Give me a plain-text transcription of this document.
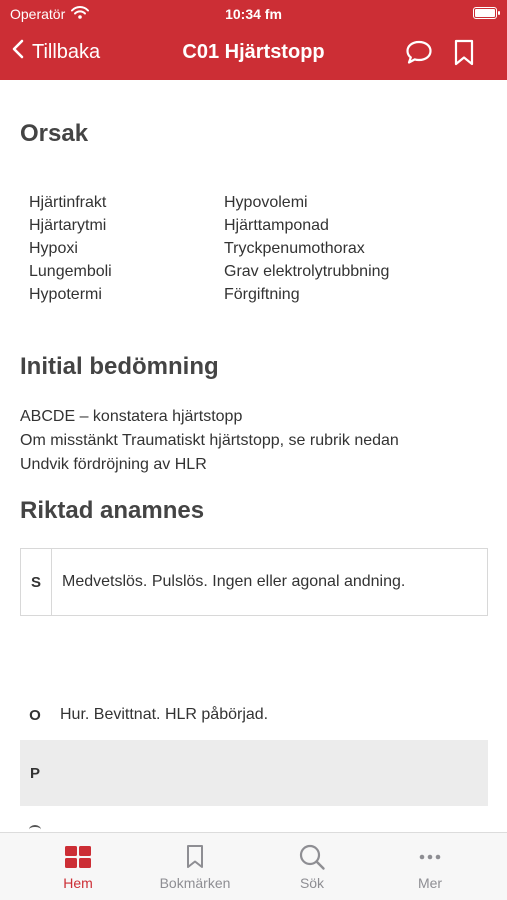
Operatör	10:34 fm
Tillbaka	C01 Hjärtstopp
Orsak
Hjärtinfrakt	Hypovolemi
Hjärtarytmi	Hjärttamponad
Hypoxi	Tryckpenumothorax
Lungemboli	Grav elektrolytrubbning
Hypotermi	Förgiftning
Initial bedömning
ABCDE – konstatera hjärtstopp
Om misstänkt Traumatiskt hjärtstopp, se rubrik nedan
Undvik fördröjning av HLR
Riktad anamnes
S	Medvetslös. Pulslös. Ingen eller agonal andning.
O	Hur. Bevittnat. HLR påbörjad.
P
Hem	Bokmärken	Sök	Mer
